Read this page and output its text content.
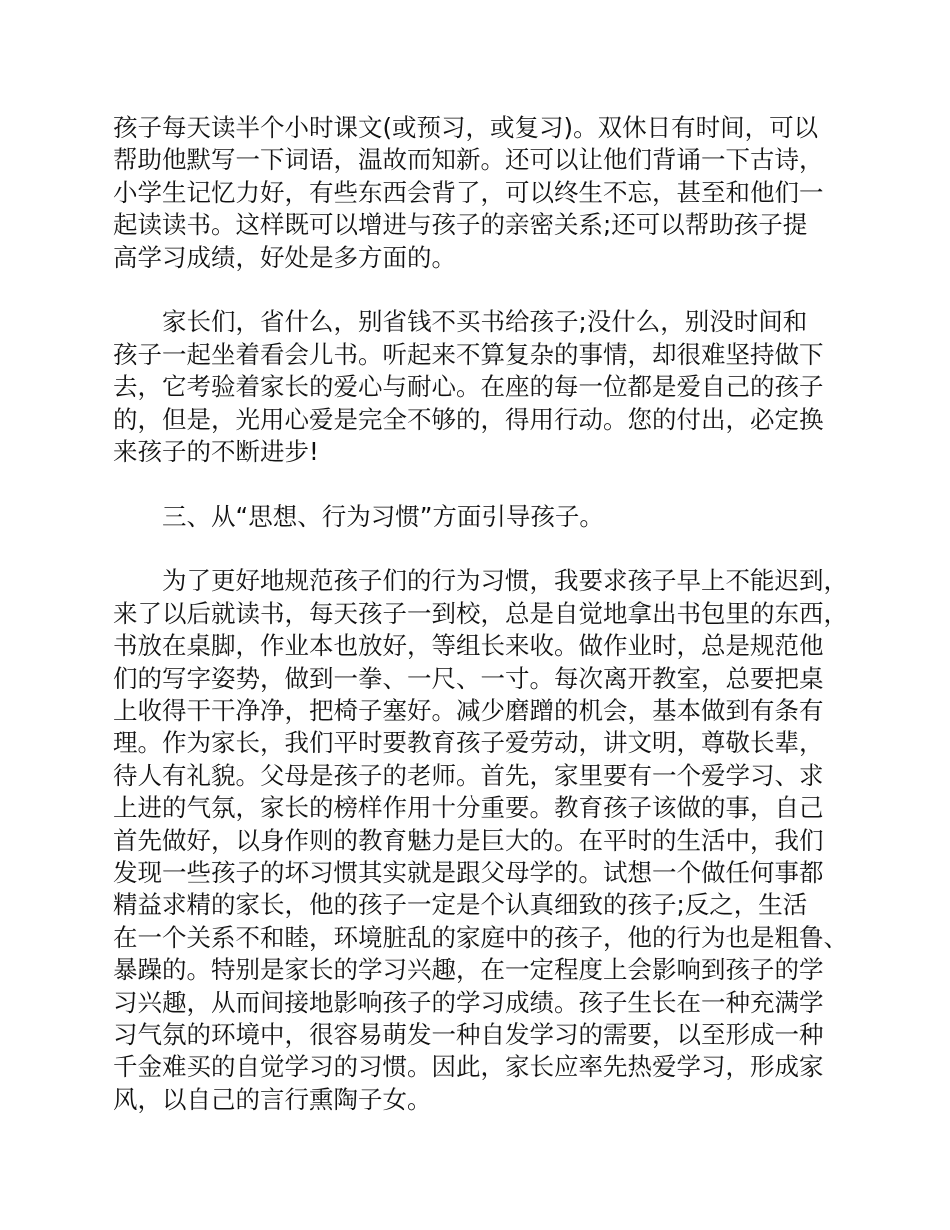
孩子每天读半个小时课文(或预习，或复习)。双休日有时间，可以
帮助他默写一下词语，温故而知新。还可以让他们背诵一下古诗，
小学生记忆力好，有些东西会背了，可以终生不忘，甚至和他们一
起读读书。这样既可以增进与孩子的亲密关系;还可以帮助孩子提
高学习成绩，好处是多方面的。
家长们，省什么，别省钱不买书给孩子;没什么，别没时间和
孩子一起坐着看会儿书。听起来不算复杂的事情，却很难坚持做下
去，它考验着家长的爱心与耐心。在座的每一位都是爱自己的孩子
的，但是，光用心爱是完全不够的，得用行动。您的付出，必定换
来孩子的不断进步!
三、从“思想、行为习惯”方面引导孩子。
为了更好地规范孩子们的行为习惯，我要求孩子早上不能迟到，
来了以后就读书，每天孩子一到校，总是自觉地拿出书包里的东西，
书放在桌脚，作业本也放好，等组长来收。做作业时，总是规范他
们的写字姿势，做到一拳、一尺、一寸。每次离开教室，总要把桌
上收得干干净净，把椅子塞好。减少磨蹭的机会，基本做到有条有
理。作为家长，我们平时要教育孩子爱劳动，讲文明，尊敬长辈，
待人有礼貌。父母是孩子的老师。首先，家里要有一个爱学习、求
上进的气氛，家长的榜样作用十分重要。教育孩子该做的事，自己
首先做好，以身作则的教育魅力是巨大的。在平时的生活中，我们
发现一些孩子的坏习惯其实就是跟父母学的。试想一个做任何事都
精益求精的家长，他的孩子一定是个认真细致的孩子;反之，生活
在一个关系不和睦，环境脏乱的家庭中的孩子，他的行为也是粗鲁、
暴躁的。特别是家长的学习兴趣，在一定程度上会影响到孩子的学
习兴趣，从而间接地影响孩子的学习成绩。孩子生长在一种充满学
习气氛的环境中，很容易萌发一种自发学习的需要，以至形成一种
千金难买的自觉学习的习惯。因此，家长应率先热爱学习，形成家
风，以自己的言行熏陶子女。
